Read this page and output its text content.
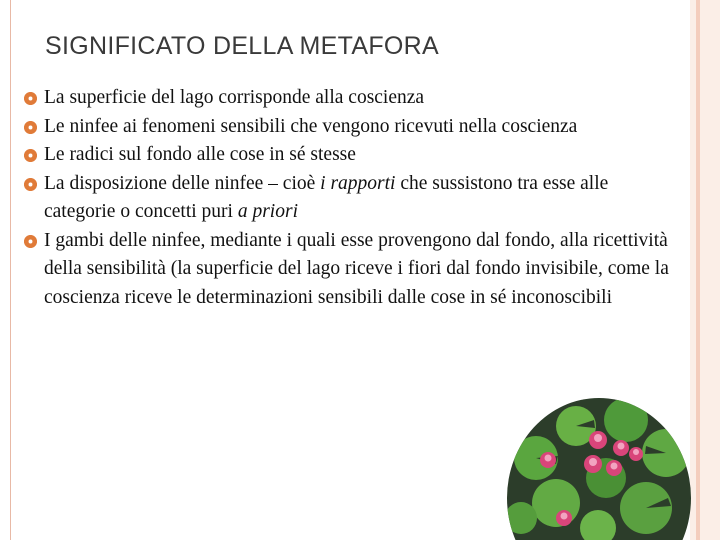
SIGNIFICATO DELLA METAFORA
La superficie del lago corrisponde alla coscienza
Le ninfee ai fenomeni sensibili che vengono ricevuti nella coscienza
Le radici sul fondo alle cose in sé stesse
La disposizione delle ninfee – cioè i rapporti che sussistono tra esse alle categorie o concetti puri a priori
I gambi delle ninfee, mediante i quali esse provengono dal fondo, alla ricettività della sensibilità (la superficie del lago riceve i fiori dal fondo invisibile, come la coscienza riceve le determinazioni sensibili dalle cose in sé inconoscibili
